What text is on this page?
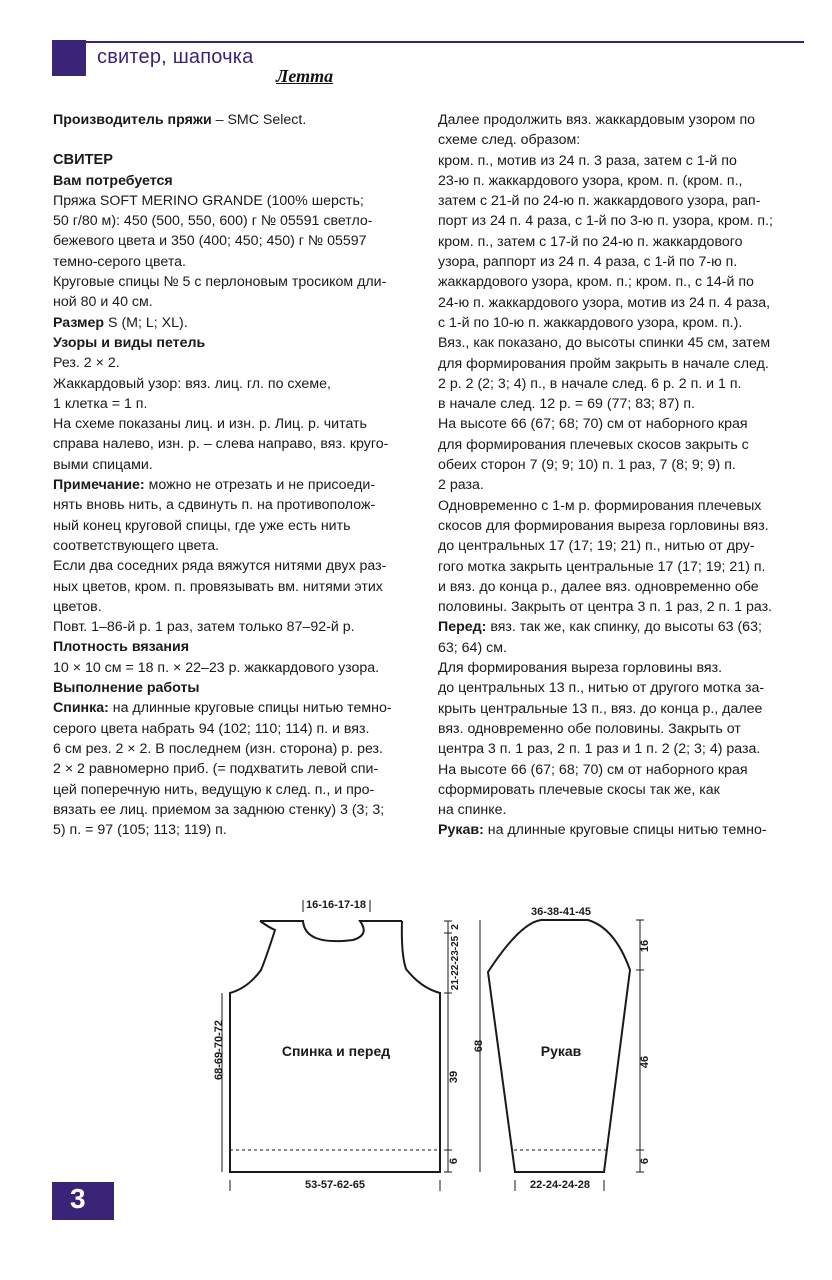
свитер, шапочка
Летта

Производитель пряжи – SMC Select.

СВИТЕР

Вам потребуется

Пряжа SOFT MERINO GRANDE (100% шерсть;
50 г/80 м): 450 (500, 550, 600) г № 05591 светло-
бежевого цвета и 350 (400; 450; 450) г № 05597
темно-серого цвета.
Круговые спицы № 5 с перлоновым тросиком дли-
ной 80 и 40 см.

Размер S (M; L; XL).

Узоры и виды петель

Рез. 2 × 2.
Жаккардовый узор: вяз. лиц. гл. по схеме,
1 клетка = 1 п.
На схеме показаны лиц. и изн. р. Лиц. р. читать
справа налево, изн. р. – слева направо, вяз. круго-
выми спицами.

Примечание: можно не отрезать и не присоеди-
нять вновь нить, а сдвинуть п. на противополож-
ный конец круговой спицы, где уже есть нить
соответствующего цвета.
Если два соседних ряда вяжутся нитями двух раз-
ных цветов, кром. п. провязывать вм. нитями этих
цветов.
Повт. 1–86-й р. 1 раз, затем только 87–92-й р.

Плотность вязания

10 × 10 см = 18 п. × 22–23 р. жаккардового узора.

Выполнение работы

Спинка: на длинные круговые спицы нитью темно-
серого цвета набрать 94 (102; 110; 114) п. и вяз.
6 см рез. 2 × 2. В последнем (изн. сторона) р. рез.
2 × 2 равномерно приб. (= подхватить левой спи-
цей поперечную нить, ведущую к след. п., и про-
вязать ее лиц. приемом за заднюю стенку) 3 (3; 3;
5) п. = 97 (105; 113; 119) п.

Далее продолжить вяз. жаккардовым узором по
схеме след. образом:
кром. п., мотив из 24 п. 3 раза, затем с 1-й по
23-ю п. жаккардового узора, кром. п. (кром. п.,
затем с 21-й по 24-ю п. жаккардового узора, рап-
порт из 24 п. 4 раза, с 1-й по 3-ю п. узора, кром. п.;
кром. п., затем с 17-й по 24-ю п. жаккардового
узора, раппорт из 24 п. 4 раза, с 1-й по 7-ю п.
жаккардового узора, кром. п.; кром. п., с 14-й по
24-ю п. жаккардового узора, мотив из 24 п. 4 раза,
с 1-й по 10-ю п. жаккардового узора, кром. п.).
Вяз., как показано, до высоты спинки 45 см, затем
для формирования пройм закрыть в начале след.
2 р. 2 (2; 3; 4) п., в начале след. 6 р. 2 п. и 1 п.
в начале след. 12 р. = 69 (77; 83; 87) п.
На высоте 66 (67; 68; 70) см от наборного края
для формирования плечевых скосов закрыть с
обеих сторон 7 (9; 9; 10) п. 1 раз, 7 (8; 9; 9) п.
2 раза.
Одновременно с 1-м р. формирования плечевых
скосов для формирования выреза горловины вяз.
до центральных 17 (17; 19; 21) п., нитью от дру-
гого мотка закрыть центральные 17 (17; 19; 21) п.
и вяз. до конца р., далее вяз. одновременно обе
половины. Закрыть от центра 3 п. 1 раз, 2 п. 1 раз.

Перед: вяз. так же, как спинку, до высоты 63 (63;
63; 64) см.
Для формирования выреза горловины вяз.
до центральных 13 п., нитью от другого мотка за-
крыть центральные 13 п., вяз. до конца р., далее
вяз. одновременно обе половины. Закрыть от
центра 3 п. 1 раз, 2 п. 1 раз и 1 п. 2 (2; 3; 4) раза.
На высоте 66 (67; 68; 70) см от наборного края
сформировать плечевые скосы так же, как
на спинке.

Рукав: на длинные круговые спицы нитью темно-

16-16-17-18
53-57-62-65
68-69-70-72
2
21-22-23-25
39
6
Спинка и перед
36-38-41-45
22-24-24-28
68
16
46
6
Рукав
3
